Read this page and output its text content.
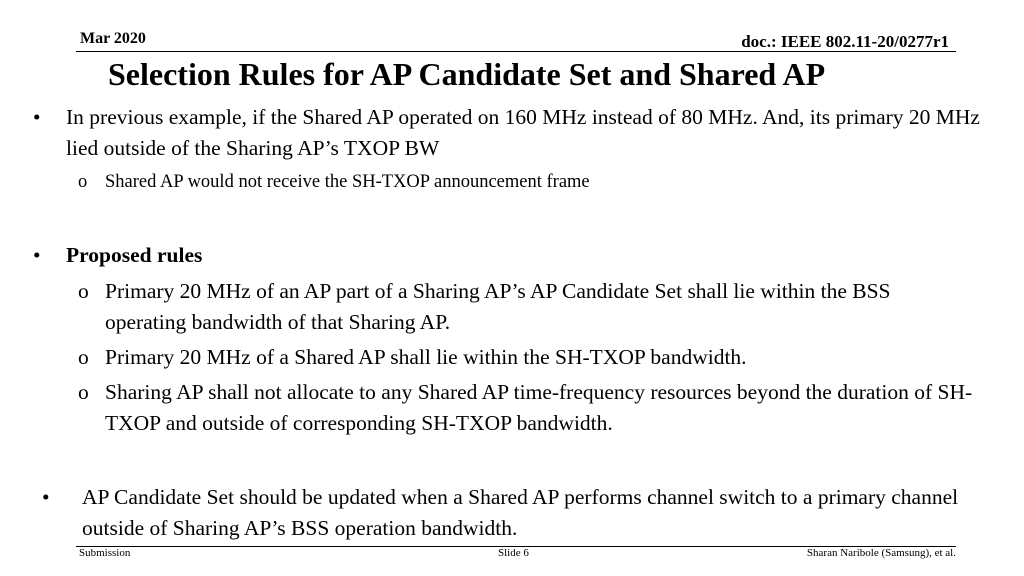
Mar 2020	doc.: IEEE 802.11-20/0277r1
Selection Rules for AP Candidate Set and Shared AP
•	In previous example, if the Shared AP operated on 160 MHz instead of 80 MHz. And, its primary 20 MHz lied outside of the Sharing AP’s TXOP BW
o Shared AP would not receive the SH-TXOP announcement frame
•	Proposed rules
o Primary 20 MHz of an AP part of a Sharing AP’s AP Candidate Set shall lie within the BSS operating bandwidth of that Sharing AP.
o Primary 20 MHz of a Shared AP shall lie within the SH-TXOP bandwidth.
o Sharing AP shall not allocate to any Shared AP time-frequency resources beyond the duration of SH-TXOP and outside of corresponding SH-TXOP bandwidth.
•	AP Candidate Set should be updated when a Shared AP performs channel switch to a primary channel outside of Sharing AP’s BSS operation bandwidth.
Submission	Slide 6	Sharan Naribole (Samsung), et al.
